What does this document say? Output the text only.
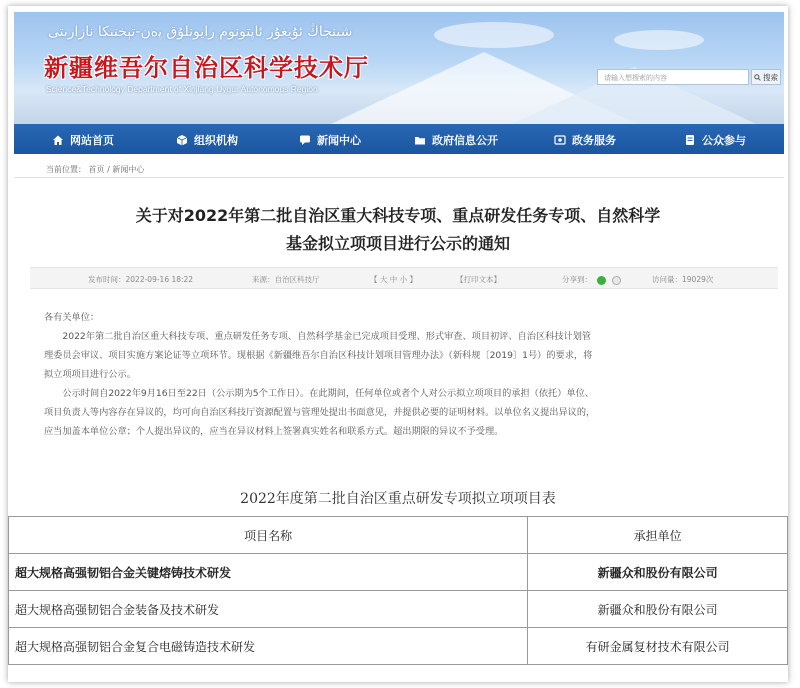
ﺷﯩﻨﺠﺎڭ ﺋﯘﻳﻐﯘﺭ ﺋﺎﭘﺘﻮﻧﻮﻡ ﺭﺍﻳﻮﻧﻠﯘﻕ ﭘەﻥ-ﺗﯧﺨﻨﯩﻜﺎ ﻧﺎﺯﺍﺭﯨﺘﻰ
新疆维吾尔自治区科学技术厅
Science&Technology Department of Xinjiang Uygur Autonomous Region
请输入想搜索的内容	搜索
网站首页	组织机构	新闻中心	政府信息公开	政务服务	公众参与
当前位置： 首页 / 新闻中心
关于对2022年第二批自治区重大科技专项、重点研发任务专项、自然科学
基金拟立项项目进行公示的通知
发布时间：2022-09-16 18:22	来源：自治区科技厅	【 大 中 小 】	【打印文本】	分享到：	访问量：19029次

各有关单位：

2022年第二批自治区重大科技专项、重点研发任务专项、自然科学基金已完成项目受理、形式审查、项目初评、自治区科技计划管

理委员会审议、项目实施方案论证等立项环节。现根据《新疆维吾尔自治区科技计划项目管理办法》（新科规〔2019〕1号）的要求，将

拟立项项目进行公示。

公示时间自2022年9月16日至22日（公示期为5个工作日）。在此期间，任何单位或者个人对公示拟立项项目的承担（依托）单位、

项目负责人等内容存在异议的，均可向自治区科技厅资源配置与管理处提出书面意见，并提供必要的证明材料。以单位名义提出异议的，

应当加盖本单位公章；个人提出异议的，应当在异议材料上签署真实姓名和联系方式。超出期限的异议不予受理。

2022年度第二批自治区重点研发专项拟立项项目表
项目名称	承担单位
超大规格高强韧铝合金关键熔铸技术研发	新疆众和股份有限公司
超大规格高强韧铝合金装备及技术研发	新疆众和股份有限公司
超大规格高强韧铝合金复合电磁铸造技术研发	有研金属复材技术有限公司
